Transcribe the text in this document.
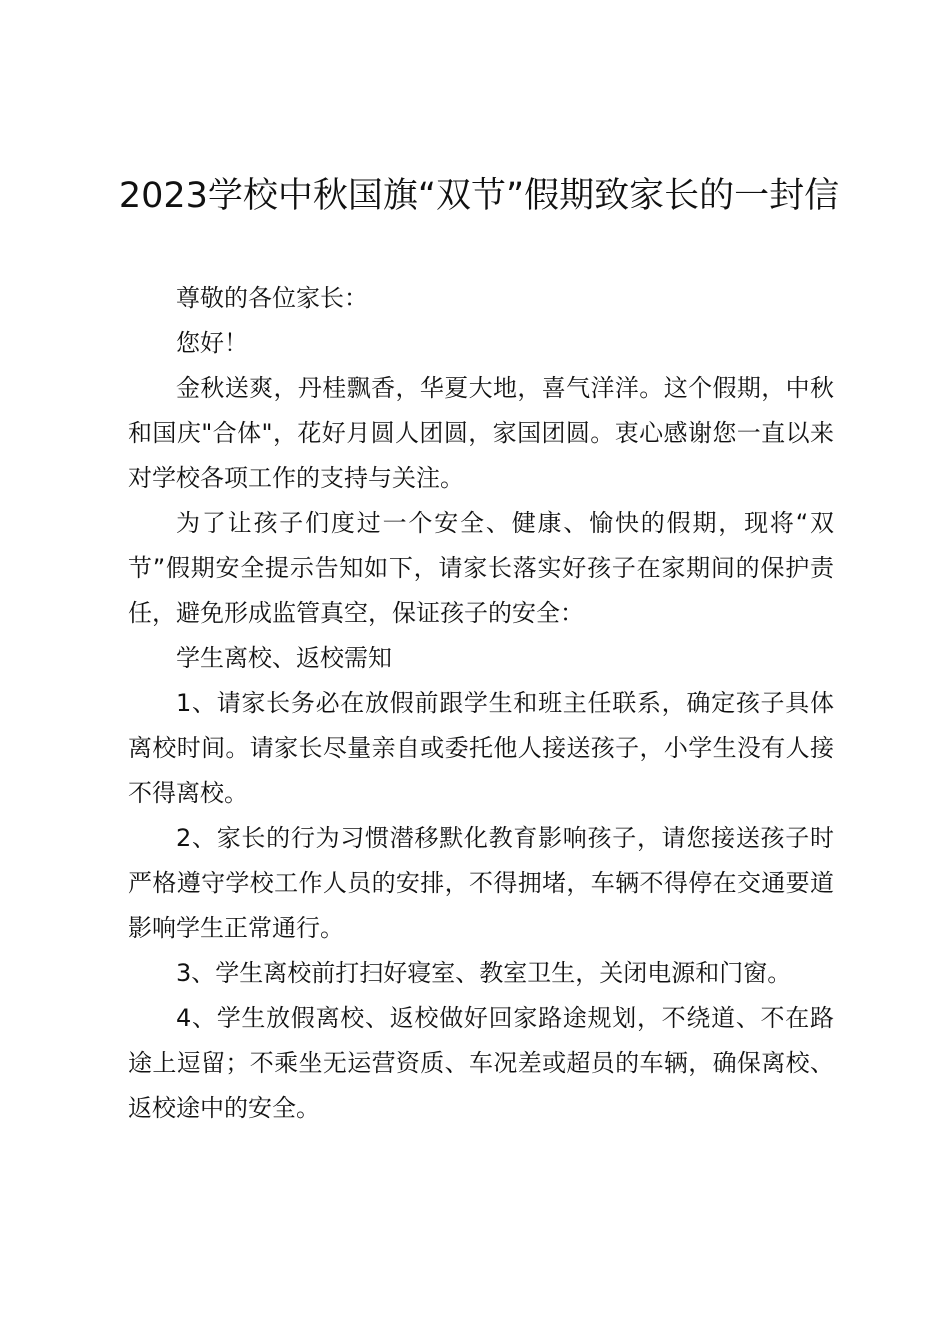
2023学校中秋国旗“双节”假期致家长的一封信

尊敬的各位家长：

您好！

金秋送爽，丹桂飘香，华夏大地，喜气洋洋。这个假期，中秋和国庆"合体"，花好月圆人团圆，家国团圆。衷心感谢您一直以来对学校各项工作的支持与关注。

为了让孩子们度过一个安全、健康、愉快的假期，现将“双节”假期安全提示告知如下，请家长落实好孩子在家期间的保护责任，避免形成监管真空，保证孩子的安全：

学生离校、返校需知

1、请家长务必在放假前跟学生和班主任联系，确定孩子具体离校时间。请家长尽量亲自或委托他人接送孩子，小学生没有人接不得离校。

2、家长的行为习惯潜移默化教育影响孩子，请您接送孩子时严格遵守学校工作人员的安排，不得拥堵，车辆不得停在交通要道影响学生正常通行。

3、学生离校前打扫好寝室、教室卫生，关闭电源和门窗。

4、学生放假离校、返校做好回家路途规划，不绕道、不在路途上逗留；不乘坐无运营资质、车况差或超员的车辆，确保离校、返校途中的安全。
